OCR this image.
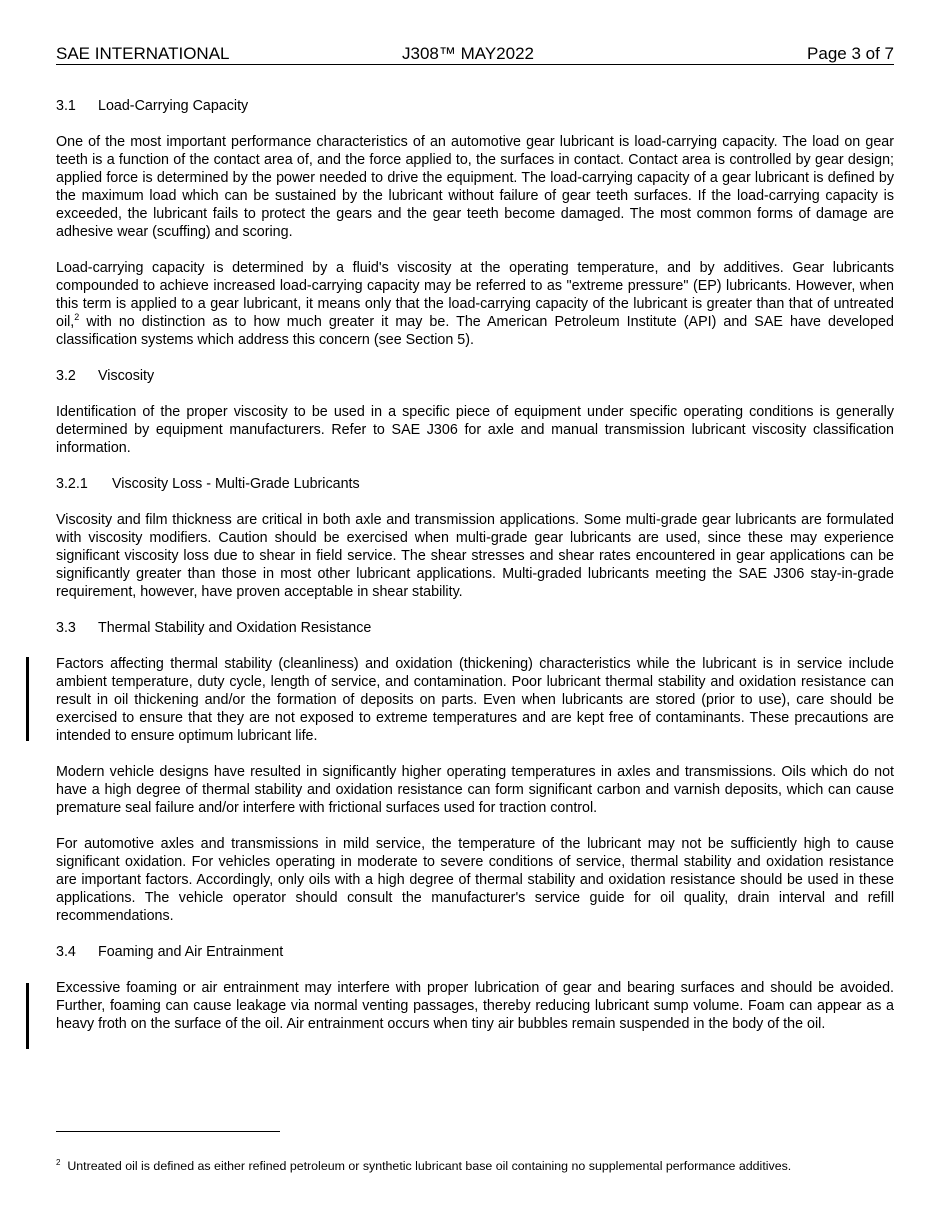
SAE INTERNATIONAL	J308™ MAY2022	Page 3 of 7
3.1 Load-Carrying Capacity

One of the most important performance characteristics of an automotive gear lubricant is load-carrying capacity. The load on gear teeth is a function of the contact area of, and the force applied to, the surfaces in contact. Contact area is controlled by gear design; applied force is determined by the power needed to drive the equipment. The load-carrying capacity of a gear lubricant is defined by the maximum load which can be sustained by the lubricant without failure of gear teeth surfaces. If the load-carrying capacity is exceeded, the lubricant fails to protect the gears and the gear teeth become damaged. The most common forms of damage are adhesive wear (scuffing) and scoring.

Load-carrying capacity is determined by a fluid's viscosity at the operating temperature, and by additives. Gear lubricants compounded to achieve increased load-carrying capacity may be referred to as "extreme pressure" (EP) lubricants. However, when this term is applied to a gear lubricant, it means only that the load-carrying capacity of the lubricant is greater than that of untreated oil,$^2$ with no distinction as to how much greater it may be. The American Petroleum Institute (API) and SAE have developed classification systems which address this concern (see Section 5).

3.2 Viscosity

Identification of the proper viscosity to be used in a specific piece of equipment under specific operating conditions is generally determined by equipment manufacturers. Refer to SAE J306 for axle and manual transmission lubricant viscosity classification information.

3.2.1 Viscosity Loss - Multi-Grade Lubricants

Viscosity and film thickness are critical in both axle and transmission applications. Some multi-grade gear lubricants are formulated with viscosity modifiers. Caution should be exercised when multi-grade gear lubricants are used, since these may experience significant viscosity loss due to shear in field service. The shear stresses and shear rates encountered in gear applications can be significantly greater than those in most other lubricant applications. Multi-graded lubricants meeting the SAE J306 stay-in-grade requirement, however, have proven acceptable in shear stability.

3.3 Thermal Stability and Oxidation Resistance

Factors affecting thermal stability (cleanliness) and oxidation (thickening) characteristics while the lubricant is in service include ambient temperature, duty cycle, length of service, and contamination. Poor lubricant thermal stability and oxidation resistance can result in oil thickening and/or the formation of deposits on parts. Even when lubricants are stored (prior to use), care should be exercised to ensure that they are not exposed to extreme temperatures and are kept free of contaminants. These precautions are intended to ensure optimum lubricant life.

Modern vehicle designs have resulted in significantly higher operating temperatures in axles and transmissions. Oils which do not have a high degree of thermal stability and oxidation resistance can form significant carbon and varnish deposits, which can cause premature seal failure and/or interfere with frictional surfaces used for traction control.

For automotive axles and transmissions in mild service, the temperature of the lubricant may not be sufficiently high to cause significant oxidation. For vehicles operating in moderate to severe conditions of service, thermal stability and oxidation resistance are important factors. Accordingly, only oils with a high degree of thermal stability and oxidation resistance should be used in these applications. The vehicle operator should consult the manufacturer's service guide for oil quality, drain interval and refill recommendations.

3.4 Foaming and Air Entrainment

Excessive foaming or air entrainment may interfere with proper lubrication of gear and bearing surfaces and should be avoided. Further, foaming can cause leakage via normal venting passages, thereby reducing lubricant sump volume. Foam can appear as a heavy froth on the surface of the oil. Air entrainment occurs when tiny air bubbles remain suspended in the body of the oil.

$^2$ Untreated oil is defined as either refined petroleum or synthetic lubricant base oil containing no supplemental performance additives.
